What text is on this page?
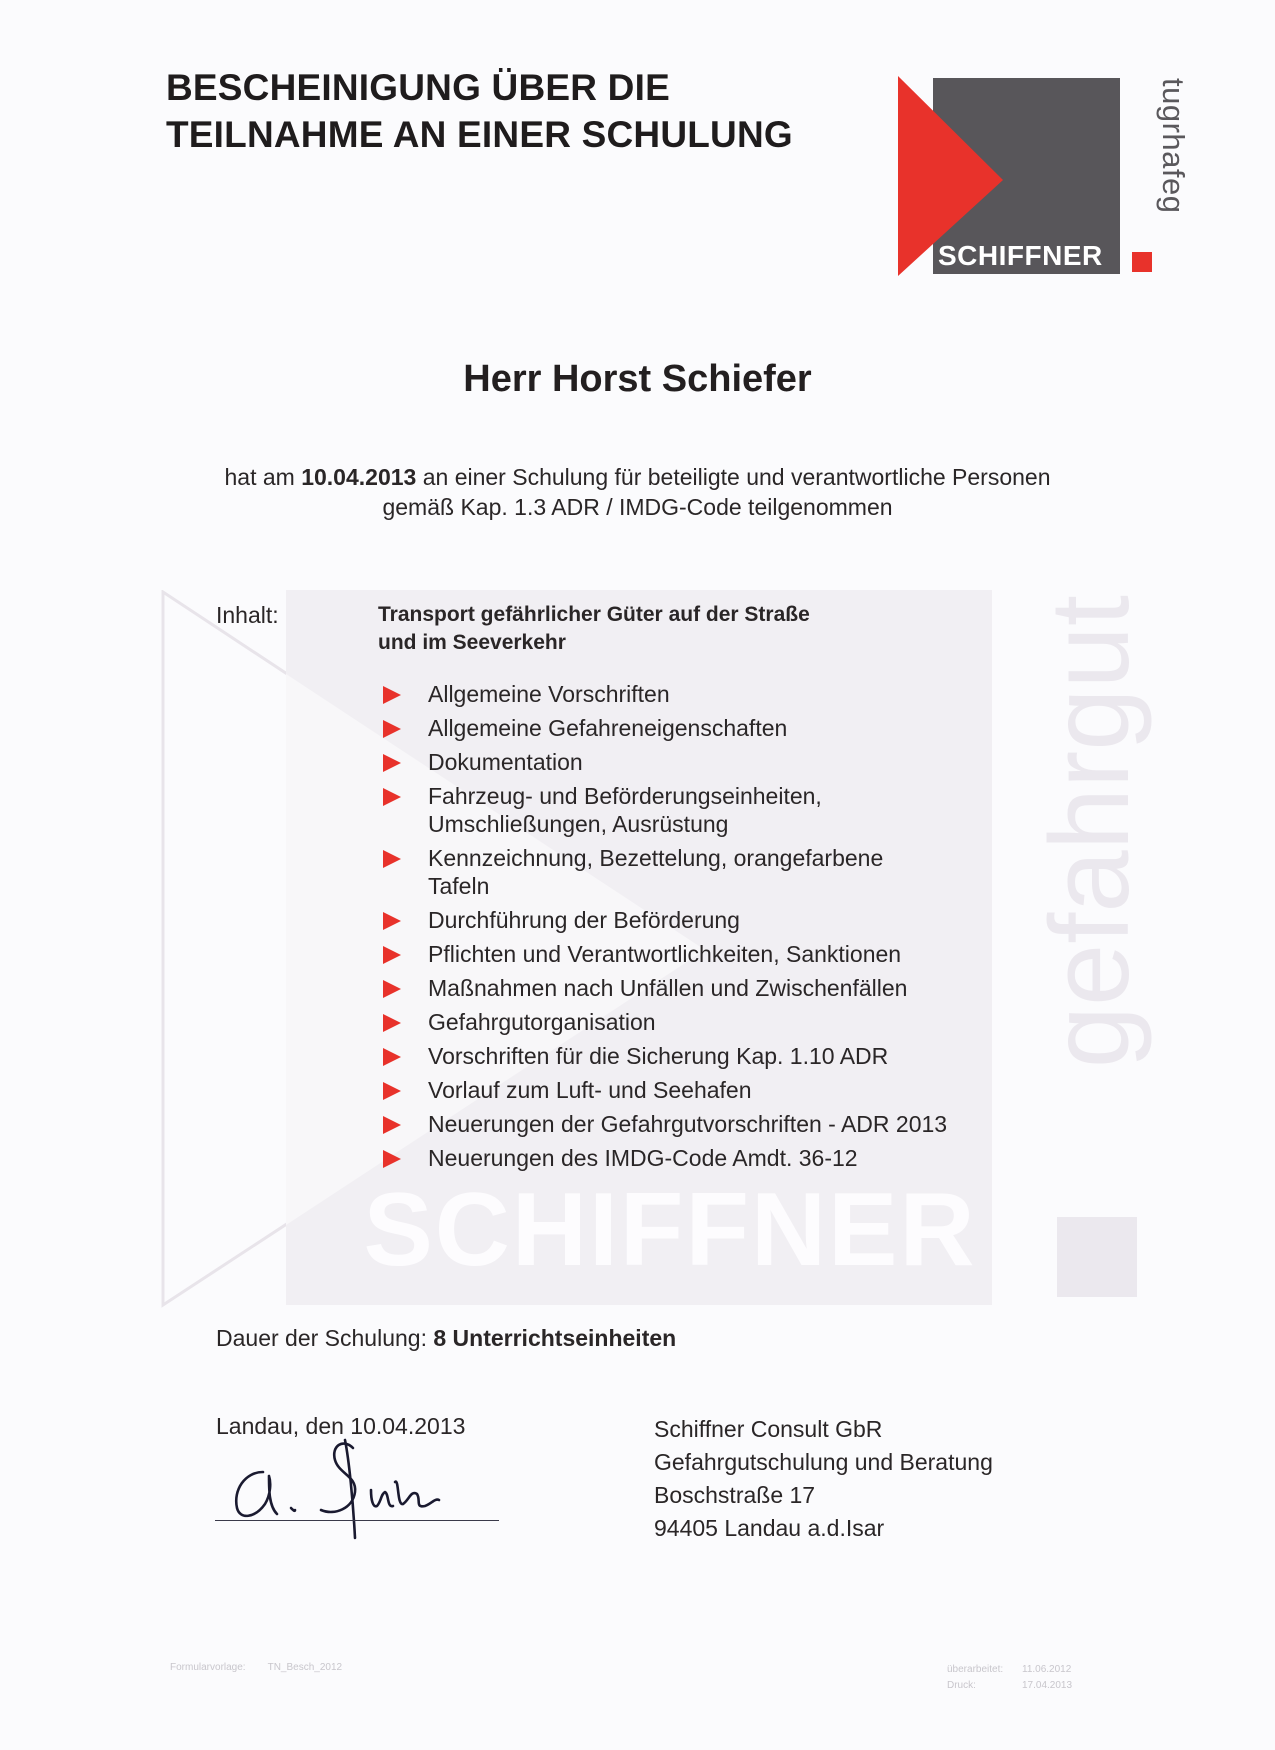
BESCHEINIGUNG ÜBER DIE
TEILNAHME AN EINER SCHULUNG
SCHIFFNER
gefahrgut
Herr Horst Schiefer
hat am 10.04.2013 an einer Schulung für beteiligte und verantwortliche Personen
gemäß Kap. 1.3 ADR / IMDG-Code teilgenommen
SCHIFFNER
gefahrgut
Inhalt:	Transport gefährlicher Güter auf der Straße
und im Seeverkehr
Allgemeine Vorschriften
Allgemeine Gefahreneigenschaften
Dokumentation
Fahrzeug- und Beförderungseinheiten,
Umschließungen, Ausrüstung
Kennzeichnung, Bezettelung, orangefarbene
Tafeln
Durchführung der Beförderung
Pflichten und Verantwortlichkeiten, Sanktionen
Maßnahmen nach Unfällen und Zwischenfällen
Gefahrgutorganisation
Vorschriften für die Sicherung Kap. 1.10 ADR
Vorlauf zum Luft- und Seehafen
Neuerungen der Gefahrgutvorschriften - ADR 2013
Neuerungen des IMDG-Code Amdt. 36-12
Dauer der Schulung: 8 Unterrichtseinheiten
Landau, den 10.04.2013	Schiffner Consult GbR
Gefahrgutschulung und Beratung
Boschstraße 17
94405 Landau a.d.Isar
Formularvorlage: TN_Besch_2012	überarbeitet: 11.06.2012
Druck:	17.04.2013
